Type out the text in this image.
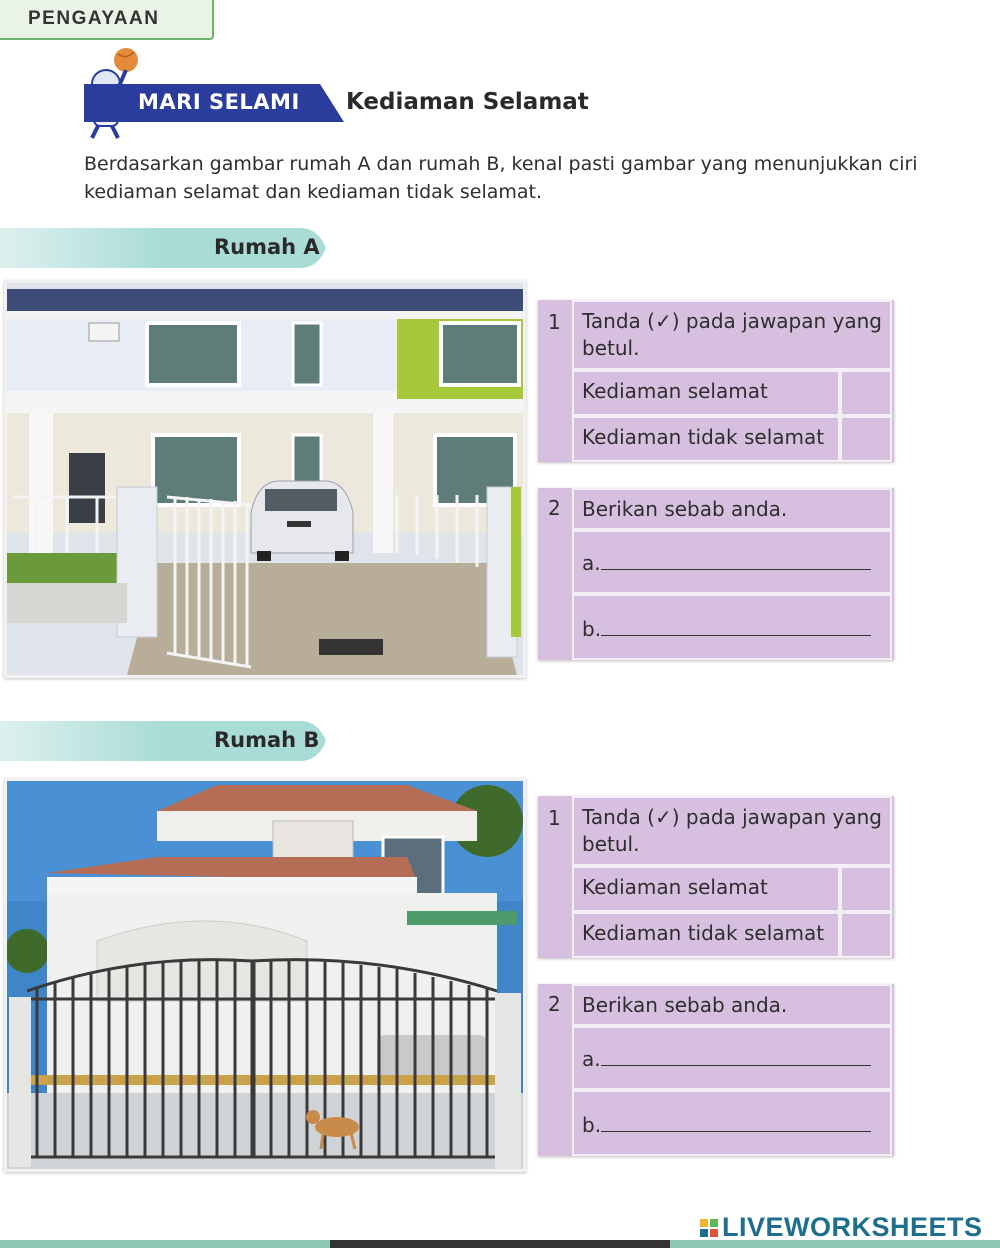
PENGAYAAN
MARI SELAMI Kediaman Selamat
Berdasarkan gambar rumah A dan rumah B, kenal pasti gambar yang menunjukkan ciri kediaman selamat dan kediaman tidak selamat.
Rumah A
1	Tanda (✓) pada jawapan yang betul.
Kediaman selamat
Kediaman tidak selamat
2	Berikan sebab anda.
a.
b.
Rumah B
1	Tanda (✓) pada jawapan yang betul.
Kediaman selamat
Kediaman tidak selamat
2	Berikan sebab anda.
a.
b.
LIVEWORKSHEETS
